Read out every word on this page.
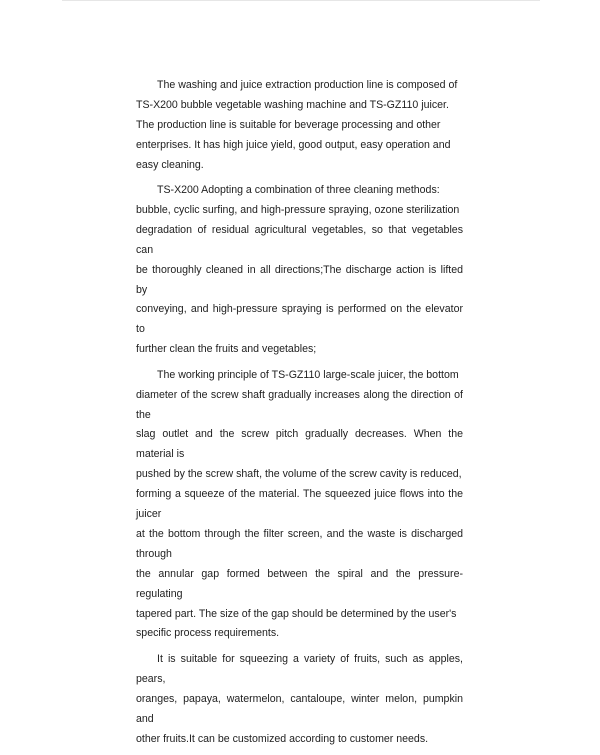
The washing and juice extraction production line is composed of
TS-X200 bubble vegetable washing machine and TS-GZ110 juicer.
The production line is suitable for beverage processing and other
enterprises. It has high juice yield, good output, easy operation and
easy cleaning.

TS-X200 Adopting a combination of three cleaning methods:
bubble, cyclic surfing, and high-pressure spraying, ozone sterilization
degradation of residual agricultural vegetables, so that vegetables can
be thoroughly cleaned in all directions;The discharge action is lifted by
conveying, and high-pressure spraying is performed on the elevator to
further clean the fruits and vegetables;

The working principle of TS-GZ110 large-scale juicer, the bottom
diameter of the screw shaft gradually increases along the direction of the
slag outlet and the screw pitch gradually decreases. When the material is
pushed by the screw shaft, the volume of the screw cavity is reduced,
forming a squeeze of the material. The squeezed juice flows into the juicer
at the bottom through the filter screen, and the waste is discharged through
the annular gap formed between the spiral and the pressure-regulating
tapered part. The size of the gap should be determined by the user's
specific process requirements.

It is suitable for squeezing a variety of fruits, such as apples, pears,
oranges, papaya, watermelon, cantaloupe, winter melon, pumpkin and
other fruits.It can be customized according to customer needs.
